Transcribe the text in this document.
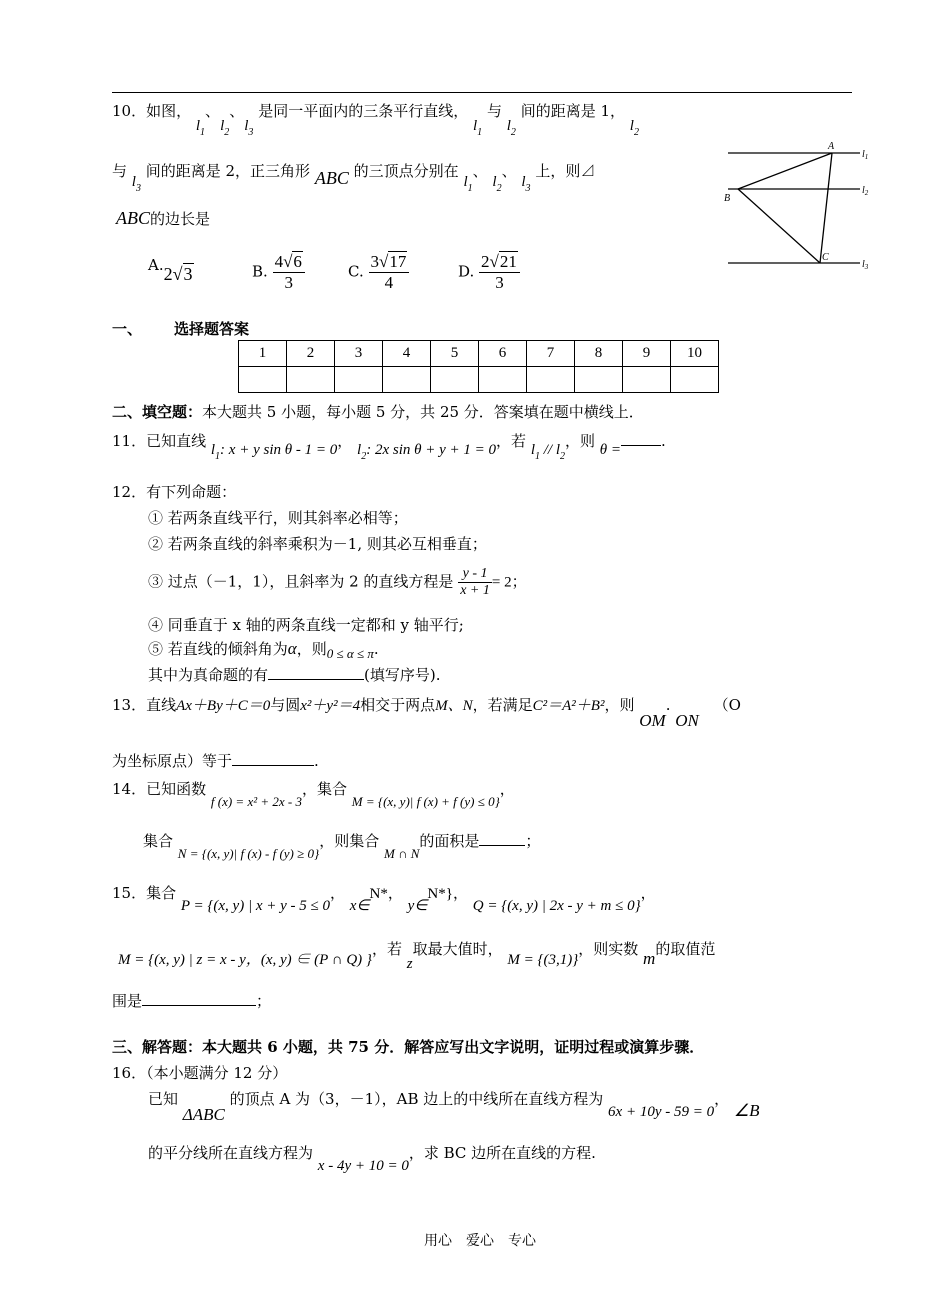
10．如图， $l_1$、$l_2$、$l_3$ 是同一平面内的三条平行直线， $l_1$ 与 $l_2$ 间的距离是 1， $l_2$
与 $l_3$ 间的距离是 2，正三角形 ABC 的三顶点分别在 $l_1$、 $l_2$、 $l_3$ 上，则⊿
ABC的边长是
A.2√3	B. $\frac{4√6}{3}$	C. $\frac{3√17}{4}$	D. $\frac{2√21}{3}$
A
B
C
$l_1$
$l_2$
$l_3$
一、 选择题答案
1	2	3	4	5	6	7	8	9	10

二、填空题：本大题共 5 小题，每小题 5 分，共 25 分．答案填在题中横线上．
11．已知直线 $l_1$: x + y sin θ - 1 = 0， $l_2$: 2x sin θ + y + 1 = 0，若 $l_1 // l_2$，则 θ =	.
12．有下列命题：
① 若两条直线平行，则其斜率必相等；
② 若两条直线的斜率乘积为－1, 则其必互相垂直；
③ 过点（－1，1），且斜率为 2 的直线方程是 $\frac{y - 1}{x + 1} = 2$；
④ 同垂直于 x 轴的两条直线一定都和 y 轴平行;
⑤ 若直线的倾斜角为α，则0 ≤ α ≤ π.
其中为真命题的有	(填写序号).
13．直线Ax＋By＋C＝0与圆x²＋y²＝4相交于两点M、N，若满足C²＝A²＋B²，则 OM· ON （O
为坐标原点）等于	.
14．已知函数 f (x) = x² + 2x - 3，集合 M = {(x, y)| f (x) + f (y) ≤ 0}，
集合 N = {(x, y)| f (x) - f (y) ≥ 0}，则集合 M ∩ N的面积是	；
15．集合 P = {(x, y) | x + y - 5 ≤ 0， x∈N*， y∈N*}， Q = {(x, y) | 2x - y + m ≤ 0}，
M = {(x, y) | z = x - y，(x, y) ∈ (P ∩ Q) }，若 z取最大值时， M = {(3,1)}，则实数 m的取值范
围是	；
三、解答题：本大题共 6 小题，共 75 分．解答应写出文字说明，证明过程或演算步骤．
16．（本小题满分 12 分）
已知 ΔABC 的顶点 A 为（3，－1），AB 边上的中线所在直线方程为 6x + 10y - 59 = 0， ∠B
的平分线所在直线方程为 x - 4y + 10 = 0，求 BC 边所在直线的方程.
用心　爱心　专心
